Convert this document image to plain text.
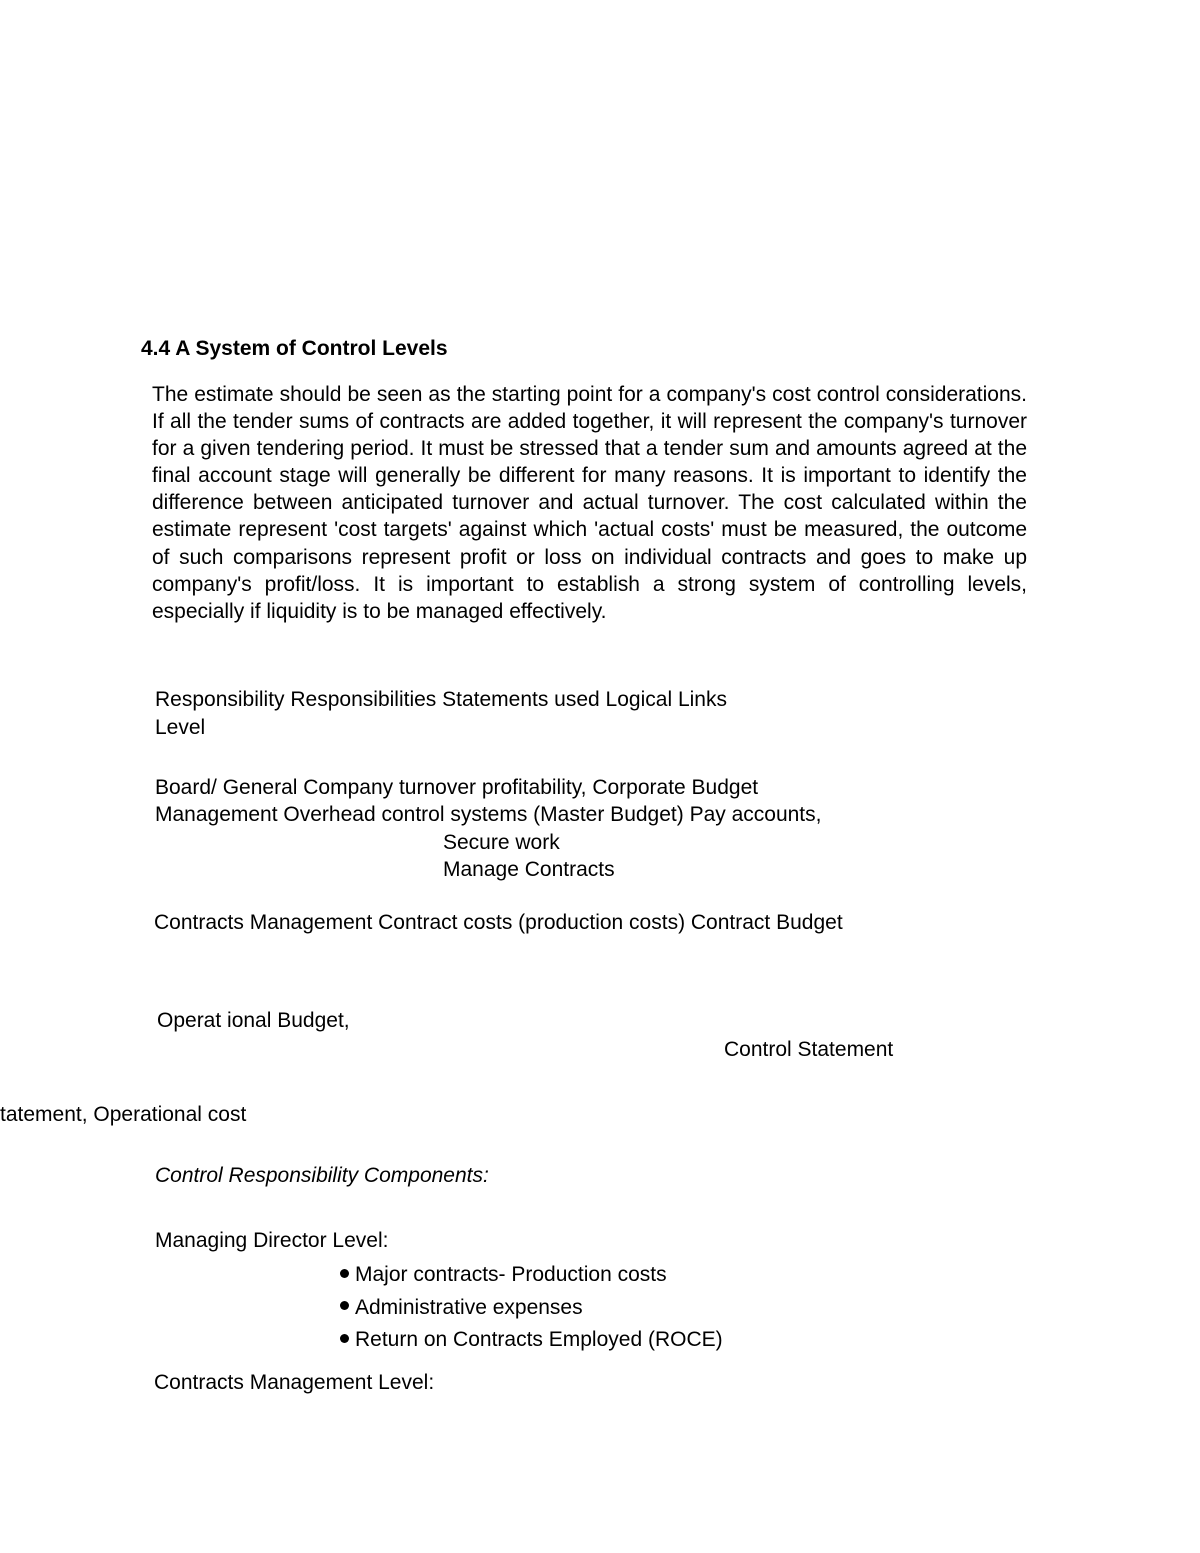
4.4 A System of Control Levels
The estimate should be seen as the starting point for a company's cost control considerations. If all the tender sums of contracts are added together, it will represent the company's turnover for a given tendering period. It must be stressed that a tender sum and amounts agreed at the final account stage will generally be different for many reasons. It is important to identify the difference between anticipated turnover and actual turnover. The cost calculated within the estimate represent 'cost targets' against which 'actual costs' must be measured, the outcome of such comparisons represent profit or loss on individual contracts and goes to make up company's profit/loss. It is important to establish a strong system of controlling levels, especially if liquidity is to be managed effectively.
Responsibility Responsibilities Statements used Logical Links
Level
Board/ General Company turnover profitability, Corporate Budget
Management Overhead control systems (Master Budget) Pay accounts,
Secure work
Manage Contracts
Contracts Management Contract costs (production costs) Contract Budget
Operat ional Budget,
Control Statement
tatement, Operational cost
Control Responsibility Components:
Managing Director Level:
Major contracts- Production costs
Administrative expenses
Return on Contracts Employed (ROCE)
Contracts Management Level:
